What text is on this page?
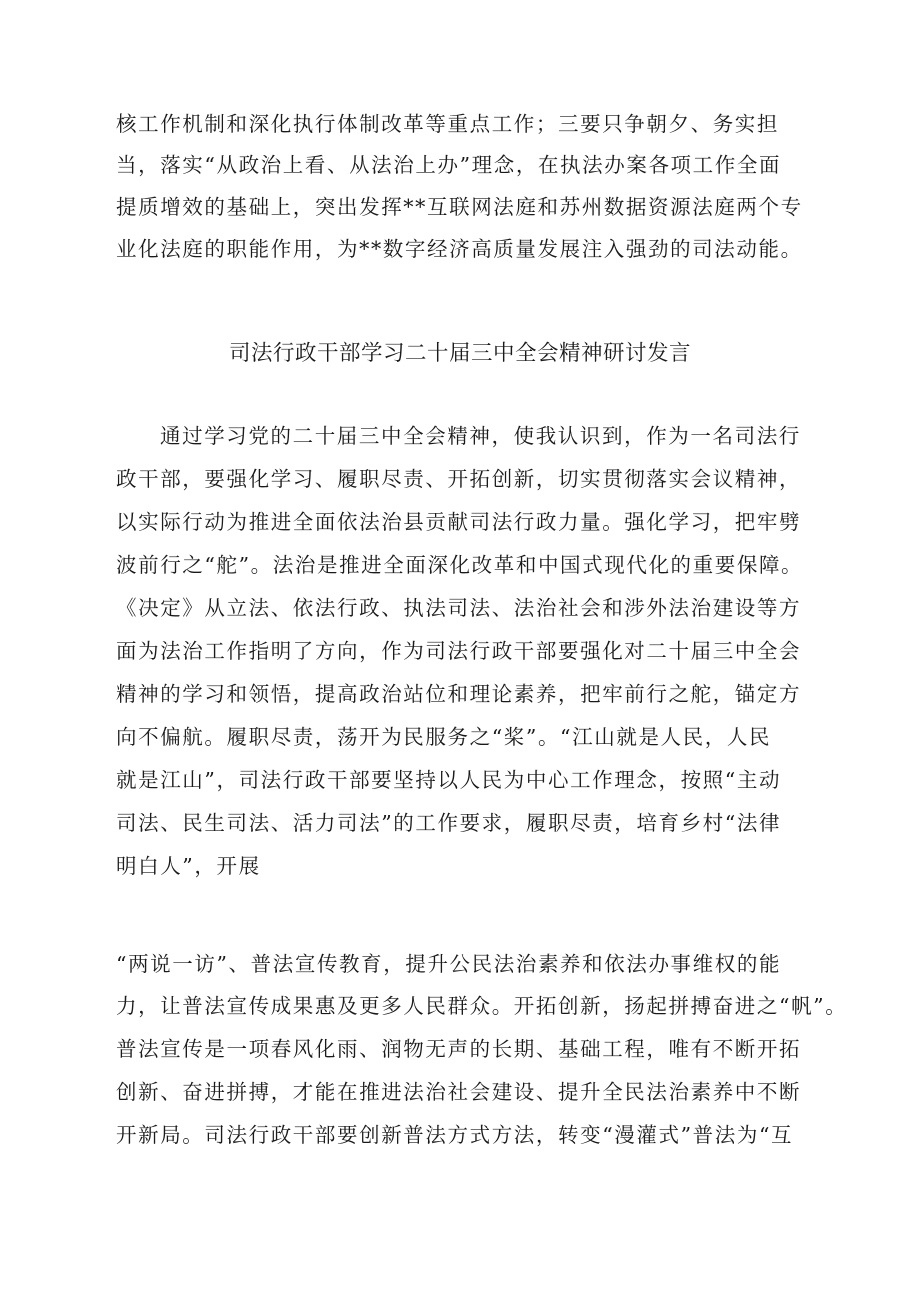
核工作机制和深化执行体制改革等重点工作；三要只争朝夕、务实担
当，落实“从政治上看、从法治上办”理念，在执法办案各项工作全面
提质增效的基础上，突出发挥**互联网法庭和苏州数据资源法庭两个专
业化法庭的职能作用，为**数字经济高质量发展注入强劲的司法动能。
司法行政干部学习二十届三中全会精神研讨发言
通过学习党的二十届三中全会精神，使我认识到，作为一名司法行
政干部，要强化学习、履职尽责、开拓创新，切实贯彻落实会议精神，
以实际行动为推进全面依法治县贡献司法行政力量。强化学习，把牢劈
波前行之“舵”。法治是推进全面深化改革和中国式现代化的重要保障。
《决定》从立法、依法行政、执法司法、法治社会和涉外法治建设等方
面为法治工作指明了方向，作为司法行政干部要强化对二十届三中全会
精神的学习和领悟，提高政治站位和理论素养，把牢前行之舵，锚定方
向不偏航。履职尽责，荡开为民服务之“桨”。“江山就是人民，人民
就是江山”，司法行政干部要坚持以人民为中心工作理念，按照“主动
司法、民生司法、活力司法”的工作要求，履职尽责，培育乡村“法律
明白人”，开展
“两说一访”、普法宣传教育，提升公民法治素养和依法办事维权的能
力，让普法宣传成果惠及更多人民群众。开拓创新，扬起拼搏奋进之“帆”。
普法宣传是一项春风化雨、润物无声的长期、基础工程，唯有不断开拓
创新、奋进拼搏，才能在推进法治社会建设、提升全民法治素养中不断
开新局。司法行政干部要创新普法方式方法，转变“漫灌式”普法为“互
